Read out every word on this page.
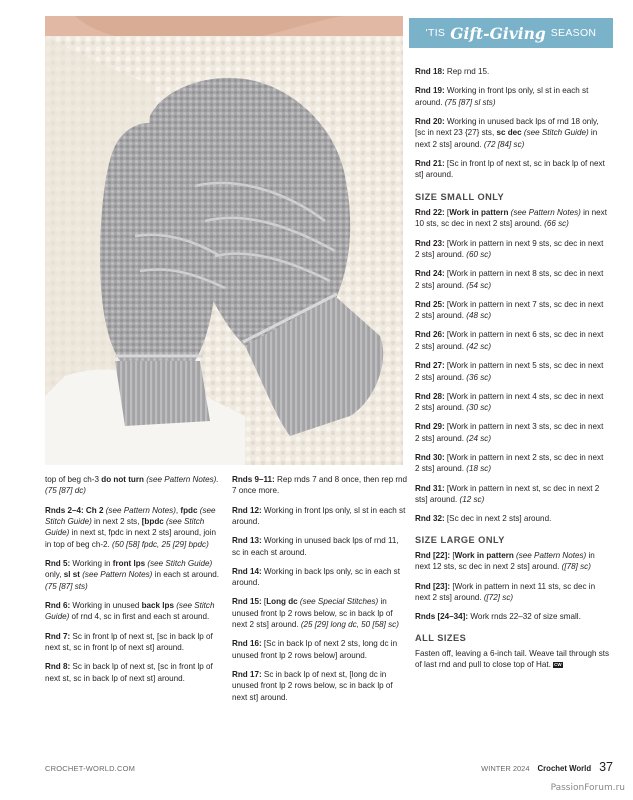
'TIS Gift-Giving SEASON

top of beg ch-3 do not turn (see Pattern Notes). (75 [87] dc)

Rnds 2–4: Ch 2 (see Pattern Notes), fpdc (see Stitch Guide) in next 2 sts, [bpdc (see Stitch Guide) in next st, fpdc in next 2 sts] around, join in top of beg ch-2. (50 [58] fpdc, 25 [29] bpdc)

Rnd 5: Working in front lps (see Stitch Guide) only, sl st (see Pattern Notes) in each st around. (75 [87] sts)

Rnd 6: Working in unused back lps (see Stitch Guide) of rnd 4, sc in first and each st around.

Rnd 7: Sc in front lp of next st, [sc in back lp of next st, sc in front lp of next st] around.

Rnd 8: Sc in back lp of next st, [sc in front lp of next st, sc in back lp of next st] around.

Rnds 9–11: Rep rnds 7 and 8 once, then rep rnd 7 once more.

Rnd 12: Working in front lps only, sl st in each st around.

Rnd 13: Working in unused back lps of rnd 11, sc in each st around.

Rnd 14: Working in back lps only, sc in each st around.

Rnd 15: [Long dc (see Special Stitches) in unused front lp 2 rows below, sc in back lp of next 2 sts] around. (25 [29] long dc, 50 [58] sc)

Rnd 16: [Sc in back lp of next 2 sts, long dc in unused front lp 2 rows below] around.

Rnd 17: Sc in back lp of next st, [long dc in unused front lp 2 rows below, sc in back lp of next st] around.

Rnd 18: Rep rnd 15.

Rnd 19: Working in front lps only, sl st in each st around. (75 [87] sl sts)

Rnd 20: Working in unused back lps of rnd 18 only, [sc in next 23 {27} sts, sc dec (see Stitch Guide) in next 2 sts] around. (72 [84] sc)

Rnd 21: [Sc in front lp of next st, sc in back lp of next st] around.

SIZE SMALL ONLY

Rnd 22: [Work in pattern (see Pattern Notes) in next 10 sts, sc dec in next 2 sts] around. (66 sc)

Rnd 23: [Work in pattern in next 9 sts, sc dec in next 2 sts] around. (60 sc)

Rnd 24: [Work in pattern in next 8 sts, sc dec in next 2 sts] around. (54 sc)

Rnd 25: [Work in pattern in next 7 sts, sc dec in next 2 sts] around. (48 sc)

Rnd 26: [Work in pattern in next 6 sts, sc dec in next 2 sts] around. (42 sc)

Rnd 27: [Work in pattern in next 5 sts, sc dec in next 2 sts] around. (36 sc)

Rnd 28: [Work in pattern in next 4 sts, sc dec in next 2 sts] around. (30 sc)

Rnd 29: [Work in pattern in next 3 sts, sc dec in next 2 sts] around. (24 sc)

Rnd 30: [Work in pattern in next 2 sts, sc dec in next 2 sts] around. (18 sc)

Rnd 31: [Work in pattern in next st, sc dec in next 2 sts] around. (12 sc)

Rnd 32: [Sc dec in next 2 sts] around.

SIZE LARGE ONLY

Rnd [22]: [Work in pattern (see Pattern Notes) in next 12 sts, sc dec in next 2 sts] around. ([78] sc)

Rnd [23]: [Work in pattern in next 11 sts, sc dec in next 2 sts] around. ([72] sc)

Rnds [24–34]: Work rnds 22–32 of size small.

ALL SIZES

Fasten off, leaving a 6-inch tail. Weave tail through sts of last rnd and pull to close top of Hat. CW

CROCHET-WORLD.COM	WINTER 2024 Crochet World 37
PassionForum.ru
